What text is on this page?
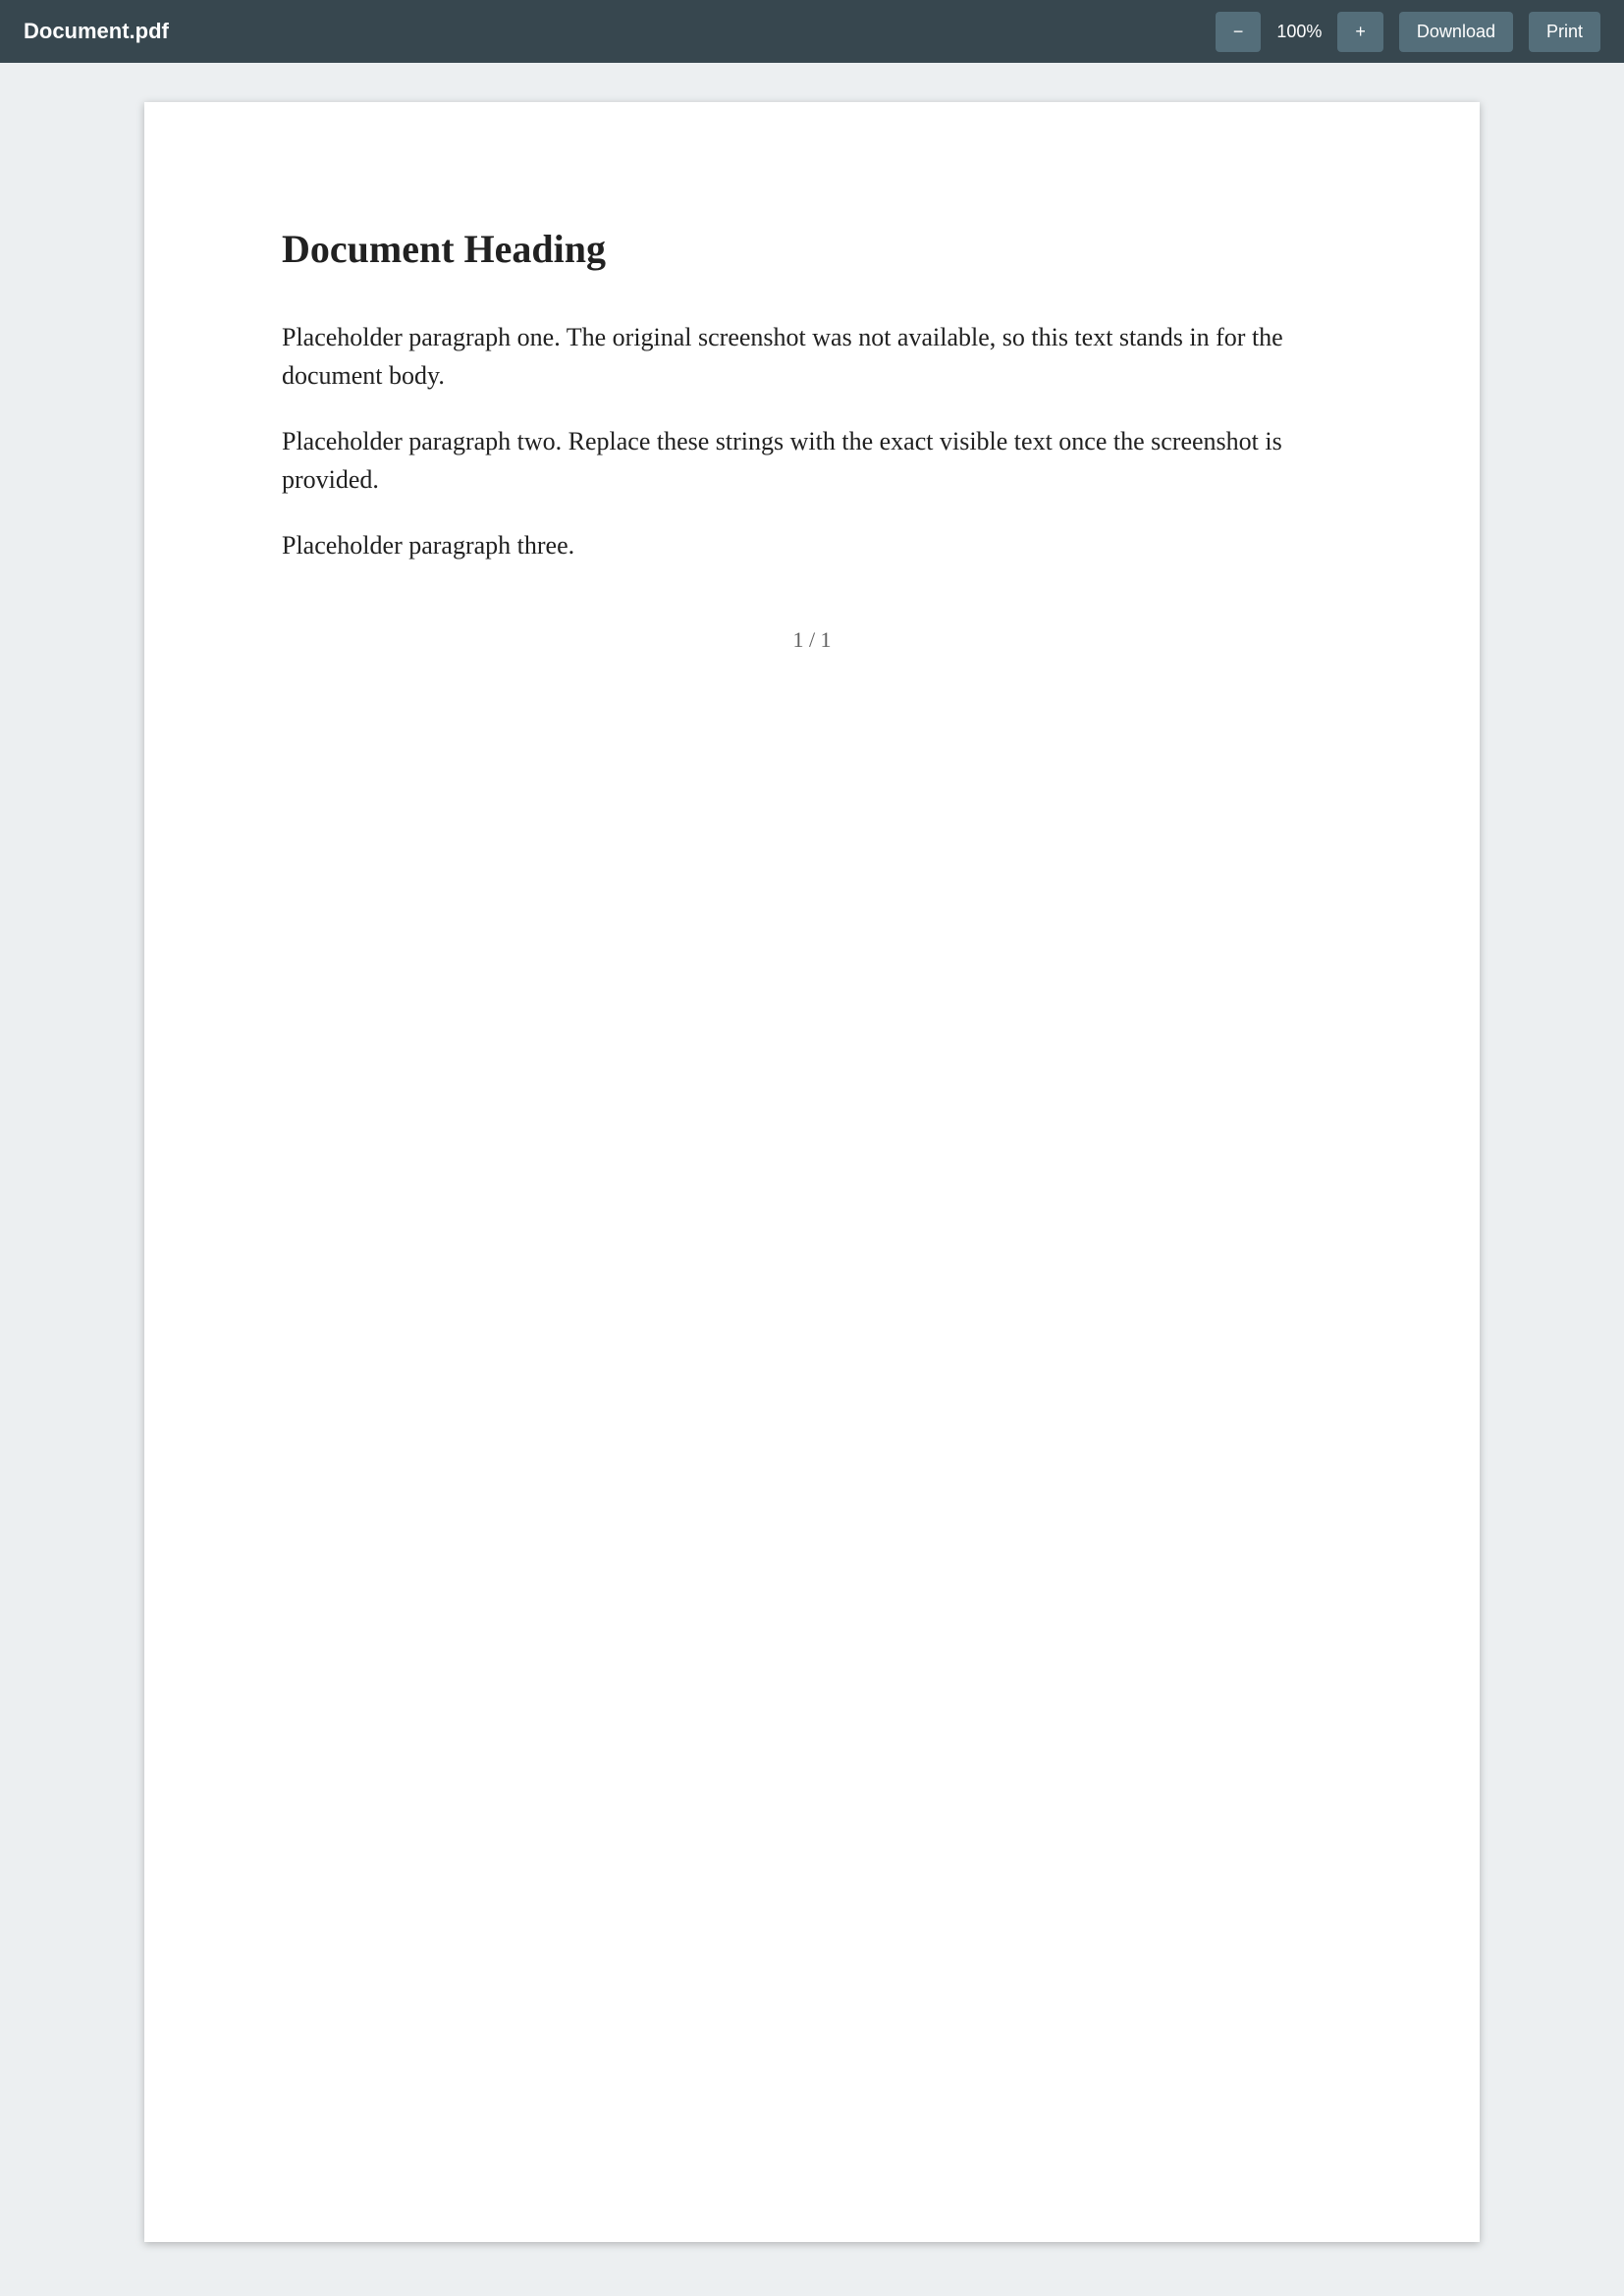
Document.pdf	−	100%	+	Download	Print
Document Heading

Placeholder paragraph one. The original screenshot was not available, so this text stands in for the document body.

Placeholder paragraph two. Replace these strings with the exact visible text once the screenshot is provided.

Placeholder paragraph three.

1 / 1
